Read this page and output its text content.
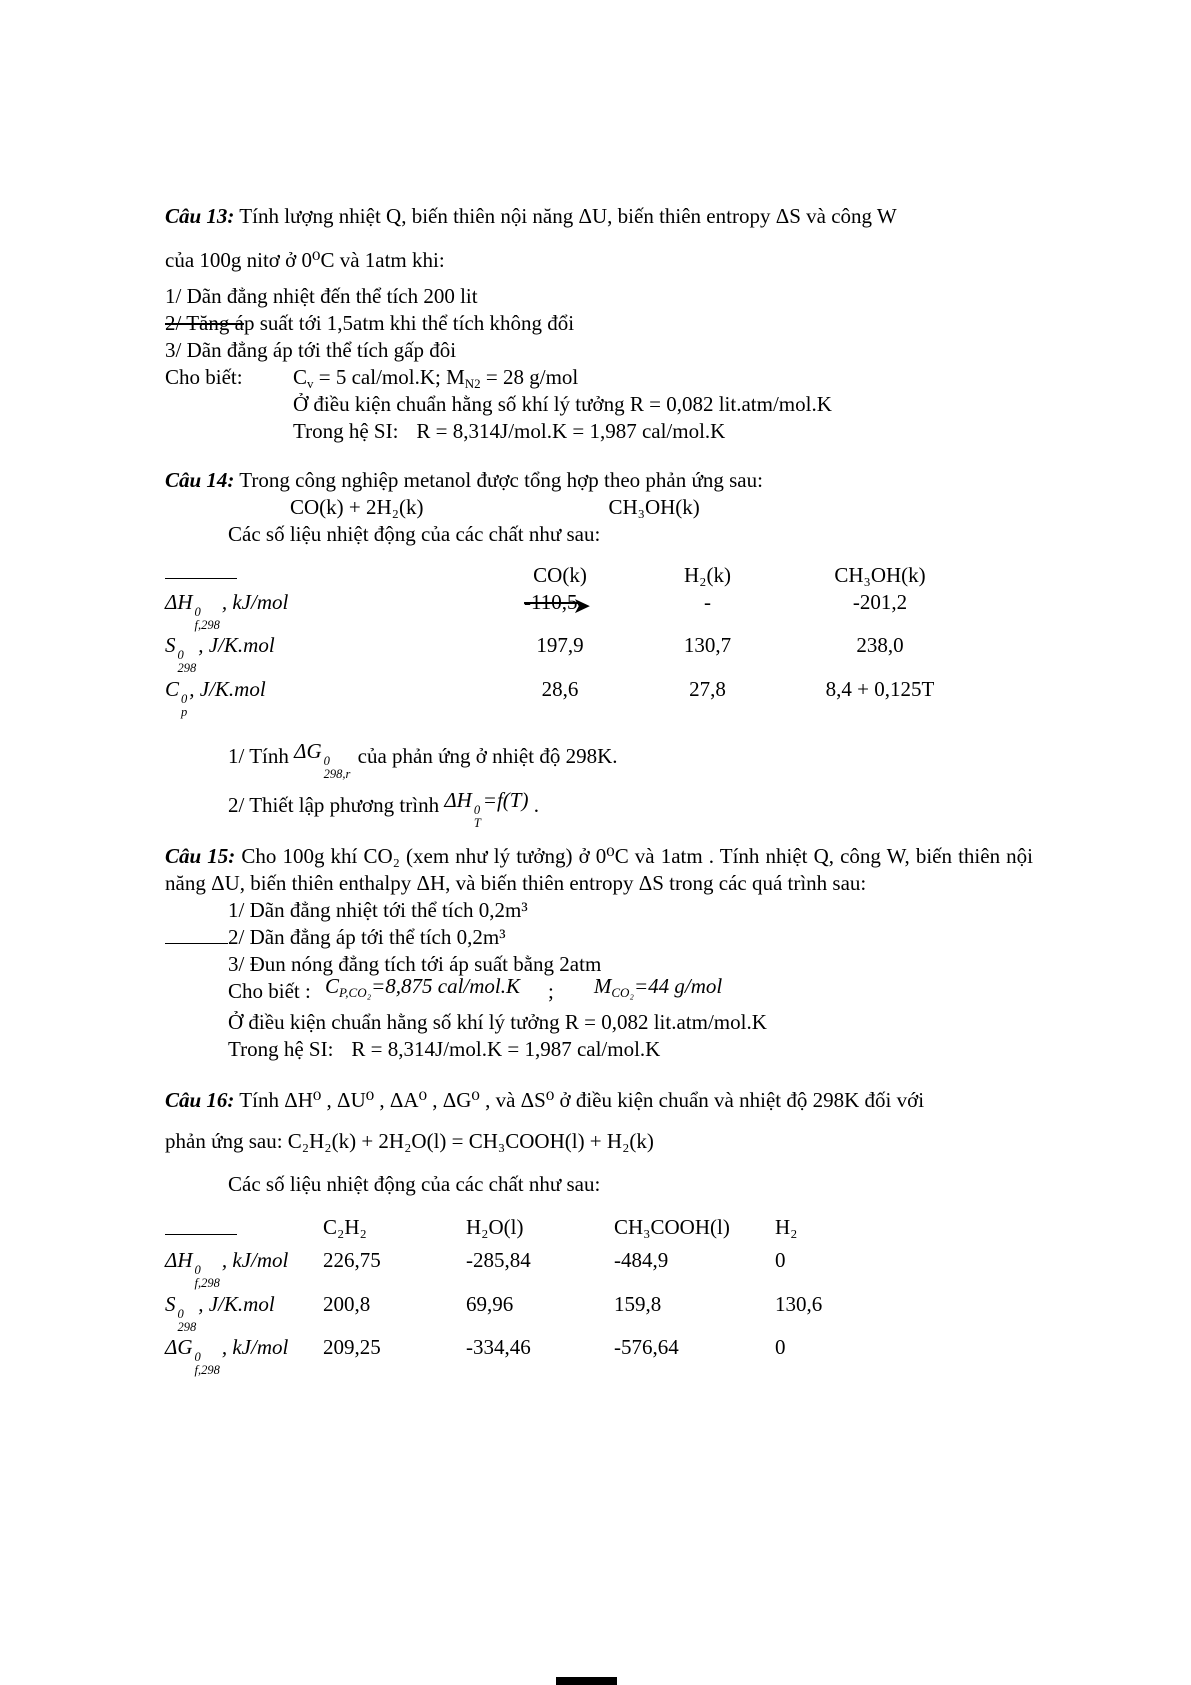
Câu 13: Tính lượng nhiệt Q, biến thiên nội năng ΔU, biến thiên entropy ΔS và công W

của 100g nitơ ở 0⁰C và 1atm khi:

1/ Dãn đẳng nhiệt đến thể tích 200 lit
2/ Tăng áp suất tới 1,5atm khi thể tích không đổi
3/ Dãn đẳng áp tới thể tích gấp đôi
Cho biết: $C_v = 5$ cal/mol.K; $M_{N2} = 28$ g/mol
Ở điều kiện chuẩn hằng số khí lý tưởng R = 0,082 lit.atm/mol.K
Trong hệ SI: R = 8,314J/mol.K = 1,987 cal/mol.K

Câu 14: Trong công nghiệp metanol được tổng hợp theo phản ứng sau:

CO(k) + 2H₂(k)	CH₃OH(k)
Các số liệu nhiệt động của các chất như sau:
CO(k)	H₂(k)	CH₃OH(k)
ΔH 0
f,298
, kJ/mol	-110,5➤	-	-201,2
S 0
298
, J/K.mol	197,9	130,7	238,0
C 0
p
, J/K.mol	28,6	27,8	8,4 + 0,125T
1/ Tính ΔG 0
298,r
của phản ứng ở nhiệt độ 298K.
2/ Thiết lập phương trình ΔH 0
T
=f(T) .

Câu 15: Cho 100g khí CO₂ (xem như lý tưởng) ở 0⁰C và 1atm . Tính nhiệt Q, công W, biến thiên nội năng ΔU, biến thiên enthalpy ΔH, và biến thiên entropy ΔS trong các quá trình sau:

1/ Dãn đẳng nhiệt tới thể tích 0,2m³
2/ Dãn đẳng áp tới thể tích 0,2m³
3/ Đun nóng đẳng tích tới áp suất bằng 2atm
Cho biết : $C_{P,CO_2}=8,875$ cal/mol.K ; $M_{CO_2}=44$ g/mol
Ở điều kiện chuẩn hằng số khí lý tưởng R = 0,082 lit.atm/mol.K
Trong hệ SI: R = 8,314J/mol.K = 1,987 cal/mol.K

Câu 16: Tính ΔH⁰ , ΔU⁰ , ΔA⁰ , ΔG⁰ , và ΔS⁰ ở điều kiện chuẩn và nhiệt độ 298K đối với

phản ứng sau: C₂H₂(k) + 2H₂O(l) = CH₃COOH(l) + H₂(k)

Các số liệu nhiệt động của các chất như sau:
C₂H₂	H₂O(l)	CH₃COOH(l)	H₂
ΔH 0
f,298
, kJ/mol	226,75	-285,84	-484,9	0
S 0
298
, J/K.mol	200,8	69,96	159,8	130,6
ΔG 0
f,298
, kJ/mol	209,25	-334,46	-576,64	0
